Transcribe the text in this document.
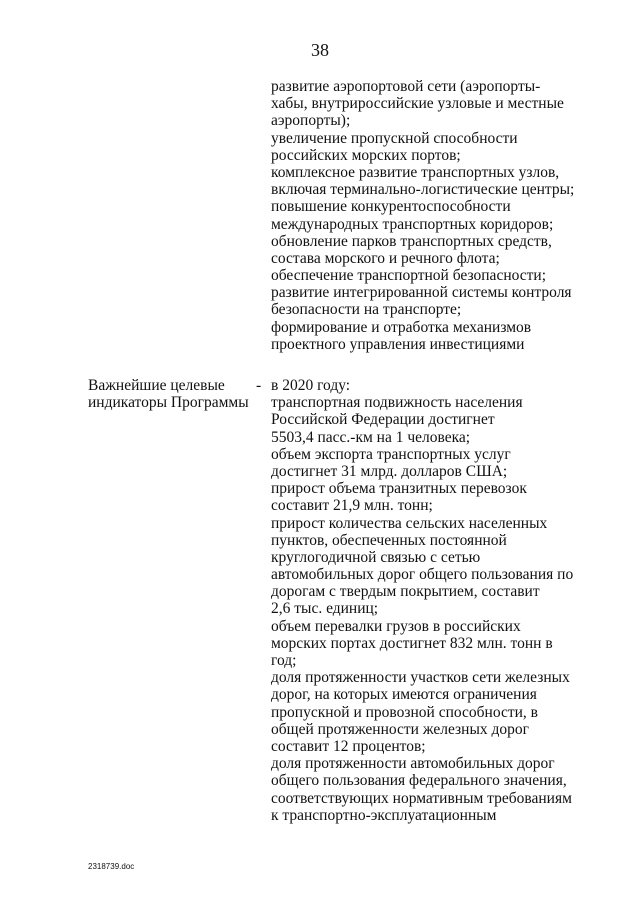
38
развитие аэропортовой сети (аэропорты-
хабы, внутрироссийские узловые и местные
аэропорты);
увеличение пропускной способности
российских морских портов;
комплексное развитие транспортных узлов,
включая терминально-логистические центры;
повышение конкурентоспособности
международных транспортных коридоров;
обновление парков транспортных средств,
состава морского и речного флота;
обеспечение транспортной безопасности;
развитие интегрированной системы контроля
безопасности на транспорте;
формирование и отработка механизмов
проектного управления инвестициями
Важнейшие целевые
индикаторы Программы
- в 2020 году:
транспортная подвижность населения
Российской Федерации достигнет
5503,4 пасс.-км на 1 человека;
объем экспорта транспортных услуг
достигнет 31 млрд. долларов США;
прирост объема транзитных перевозок
составит 21,9 млн. тонн;
прирост количества сельских населенных
пунктов, обеспеченных постоянной
круглогодичной связью с сетью
автомобильных дорог общего пользования по
дорогам с твердым покрытием, составит
2,6 тыс. единиц;
объем перевалки грузов в российских
морских портах достигнет 832 млн. тонн в
год;
доля протяженности участков сети железных
дорог, на которых имеются ограничения
пропускной и провозной способности, в
общей протяженности железных дорог
составит 12 процентов;
доля протяженности автомобильных дорог
общего пользования федерального значения,
соответствующих нормативным требованиям
к транспортно-эксплуатационным
2318739.doc
